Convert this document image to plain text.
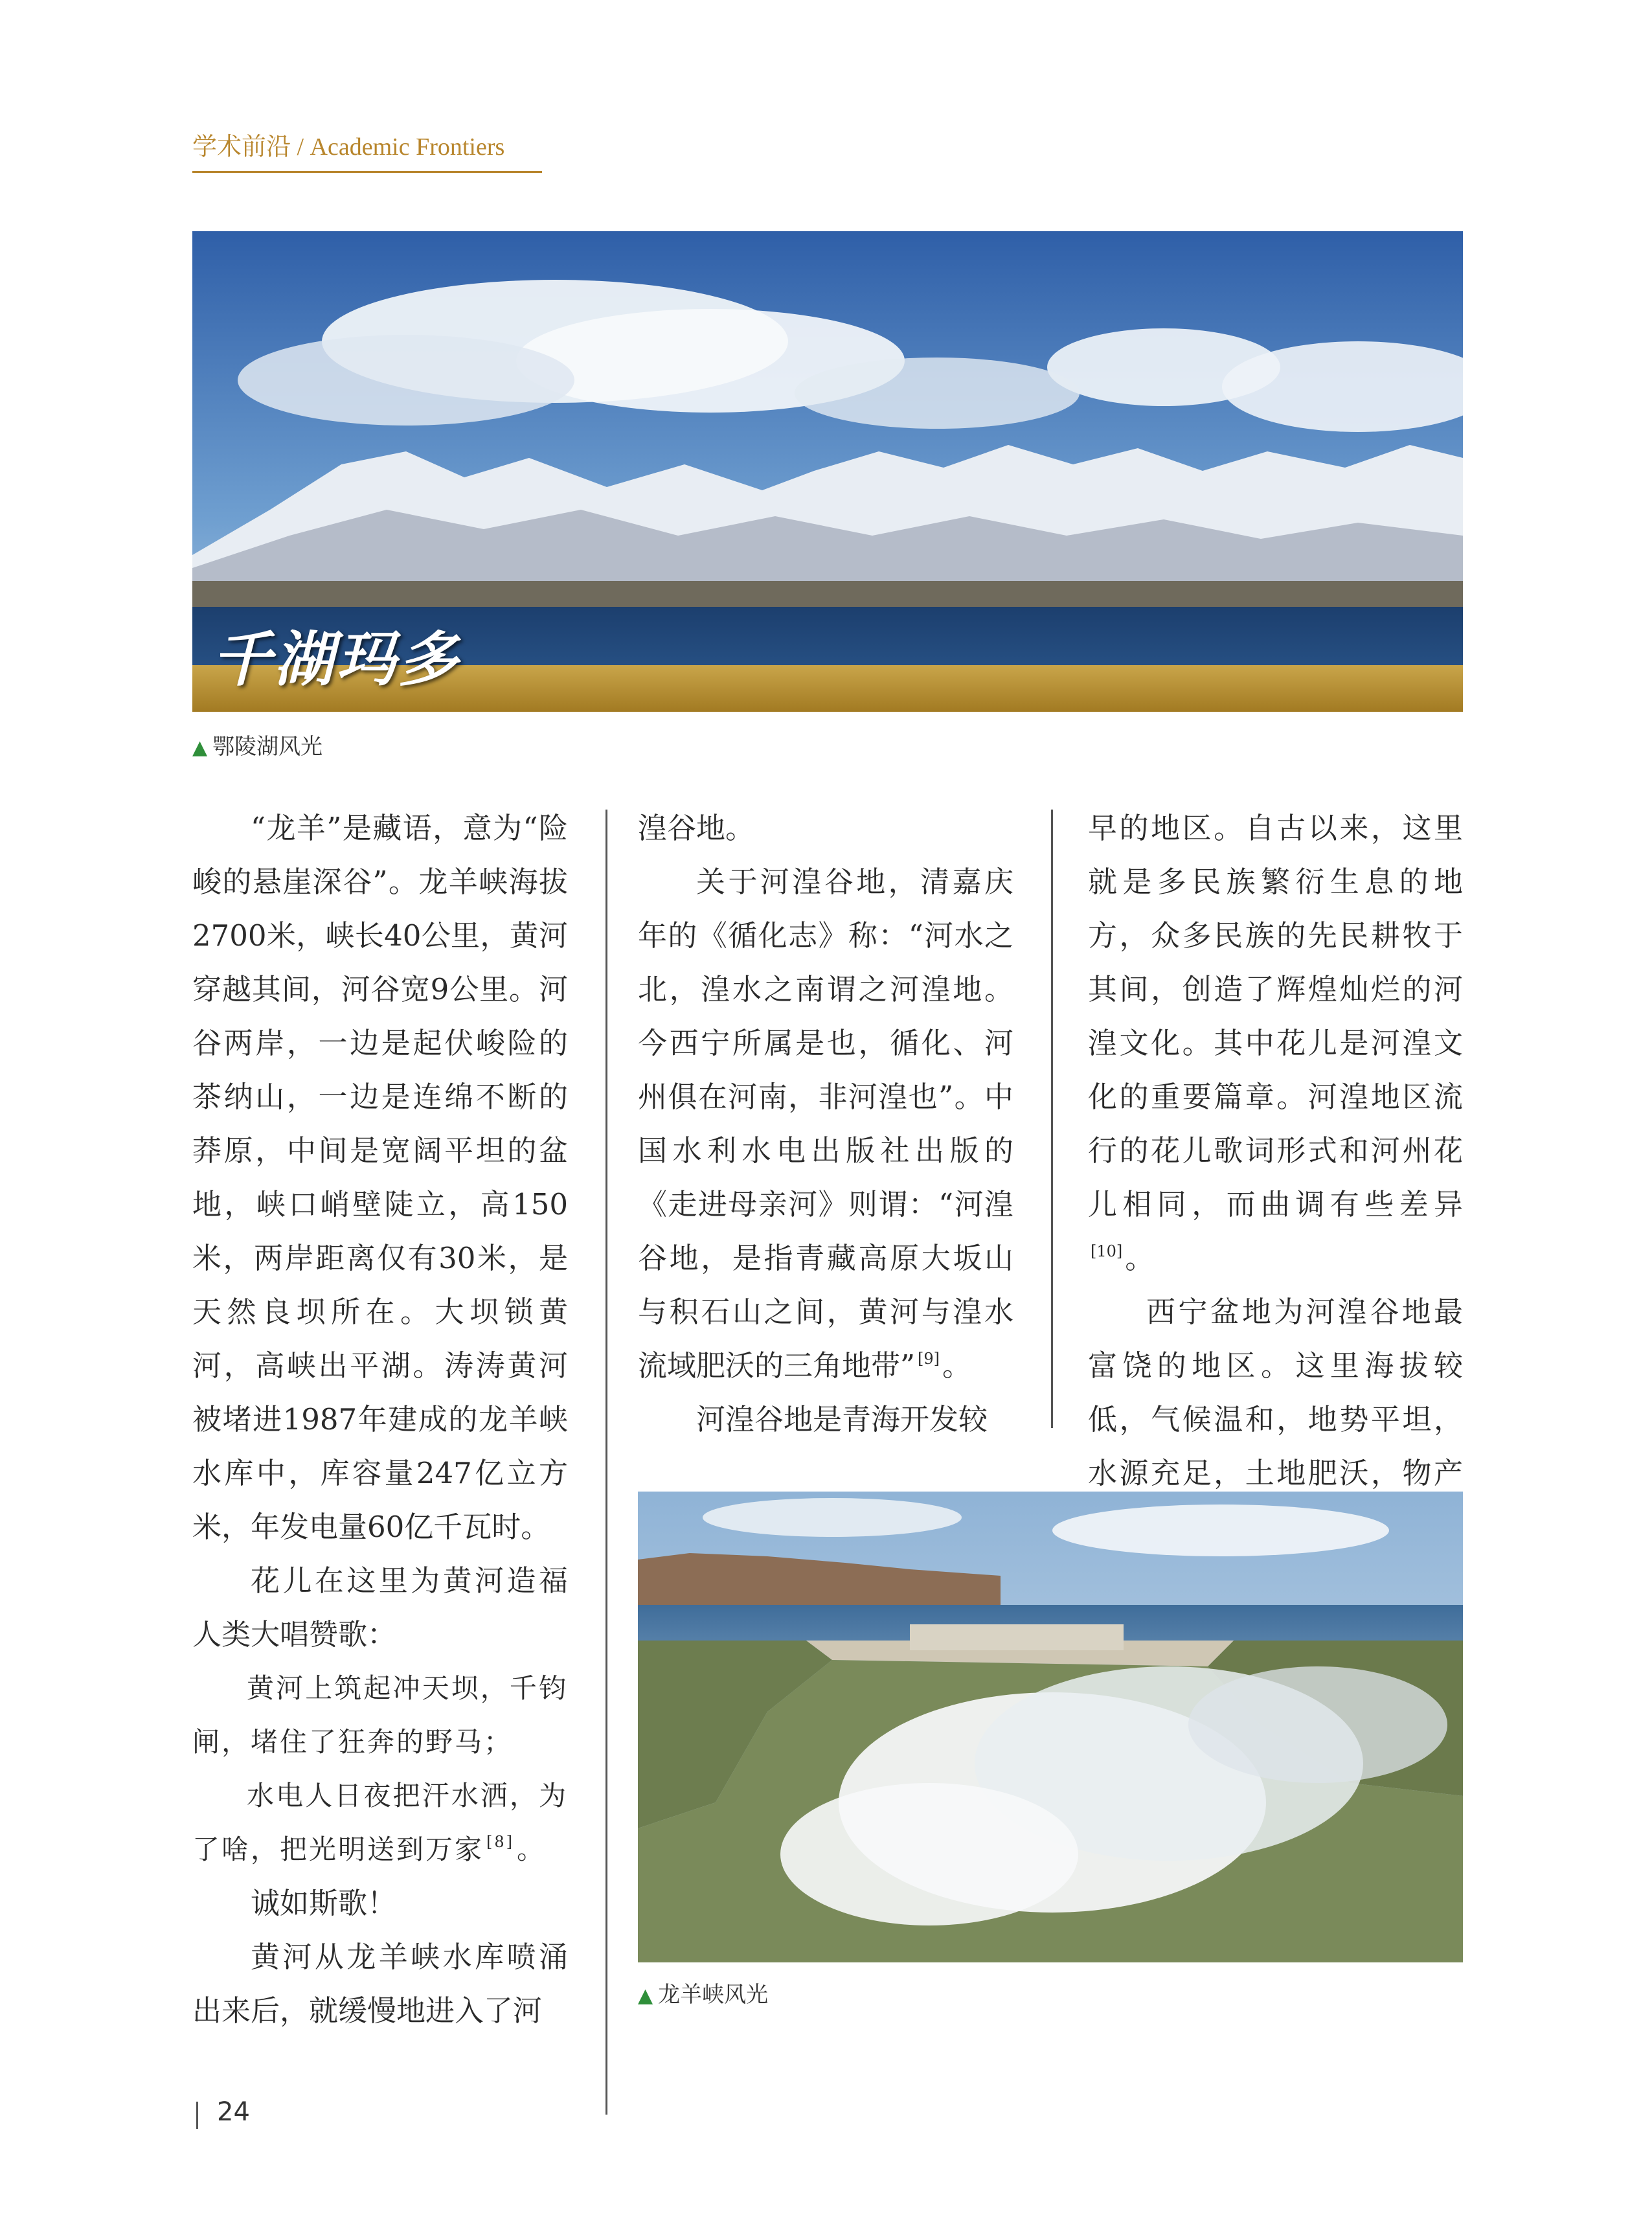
学术前沿 / Academic Frontiers
千湖玛多
▲ 鄂陵湖风光

“龙羊”是藏语，意为“险峻的悬崖深谷”。龙羊峡海拔2700米，峡长40公里，黄河穿越其间，河谷宽9公里。河谷两岸，一边是起伏峻险的茶纳山，一边是连绵不断的莽原，中间是宽阔平坦的盆地，峡口峭壁陡立，高150米，两岸距离仅有30米，是天然良坝所在。大坝锁黄河，高峡出平湖。涛涛黄河被堵进1987年建成的龙羊峡水库中，库容量247亿立方米，年发电量60亿千瓦时。

花儿在这里为黄河造福人类大唱赞歌：

黄河上筑起冲天坝，千钧闸，堵住了狂奔的野马；

水电人日夜把汗水洒，为了啥，把光明送到万家 [8]。

诚如斯歌！

黄河从龙羊峡水库喷涌出来后，就缓慢地进入了河

湟谷地。

关于河湟谷地，清嘉庆年的《循化志》称：“河水之北，湟水之南谓之河湟地。今西宁所属是也，循化、河州俱在河南，非河湟也”。中国水利水电出版社出版的《走进母亲河》则谓：“河湟谷地，是指青藏高原大坂山与积石山之间，黄河与湟水流域肥沃的三角地带” [9]。

河湟谷地是青海开发较

早的地区。自古以来，这里就是多民族繁衍生息的地方，众多民族的先民耕牧于其间，创造了辉煌灿烂的河湟文化。其中花儿是河湟文化的重要篇章。河湟地区流行的花儿歌词形式和河州花儿相同，而曲调有些差异[10]。

西宁盆地为河湟谷地最富饶的地区。这里海拔较低，气候温和，地势平坦，水源充足，土地肥沃，物产

▲ 龙羊峡风光
24
